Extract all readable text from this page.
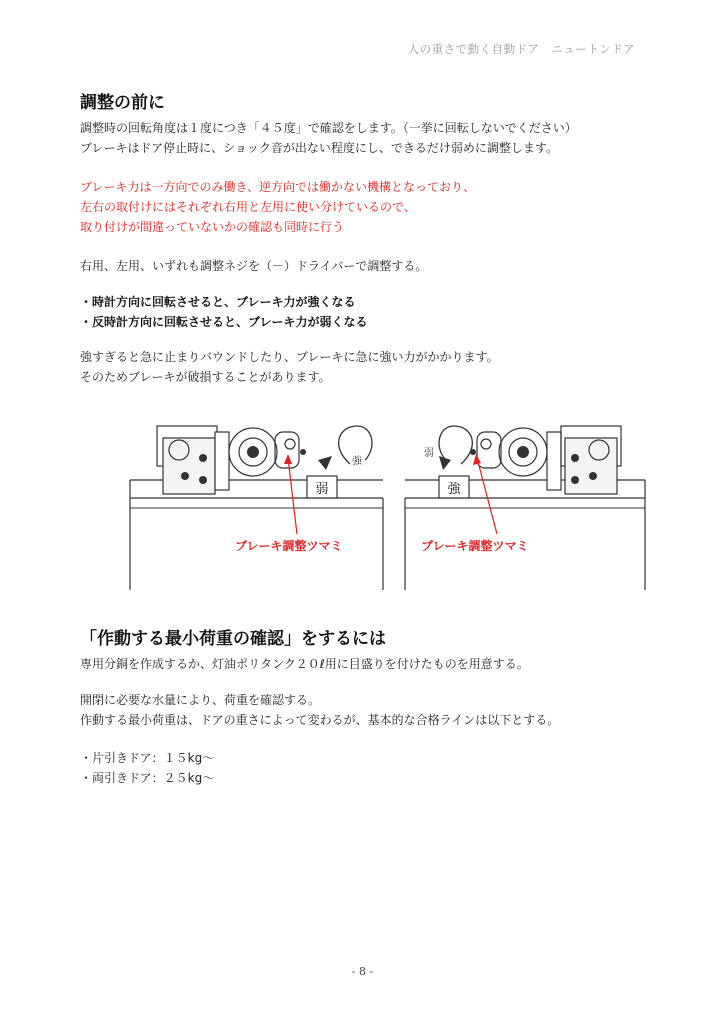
人の重さで動く自動ドア　ニュートンドア
調整の前に
調整時の回転角度は１度につき「４５度」で確認をします。（一挙に回転しないでください）
ブレーキはドア停止時に、ショック音が出ない程度にし、できるだけ弱めに調整します。
ブレーキ力は一方向でのみ働き、逆方向では働かない機構となっており、
左右の取付けにはそれぞれ右用と左用に使い分けているので、
取り付けが間違っていないかの確認も同時に行う
右用、左用、いずれも調整ネジを（－）ドライバーで調整する。
・時計方向に回転させると、ブレーキ力が強くなる
・反時計方向に回転させると、ブレーキ力が弱くなる
強すぎると急に止まりバウンドしたり、ブレーキに急に強い力がかかります。
そのためブレーキが破損することがあります。
強
弱
ブレーキ調整ツマミ
弱
強
ブレーキ調整ツマミ
「作動する最小荷重の確認」をするには
専用分銅を作成するか、灯油ポリタンク２０ℓ用に目盛りを付けたものを用意する。
開閉に必要な水量により、荷重を確認する。
作動する最小荷重は、ドアの重さによって変わるが、基本的な合格ラインは以下とする。
・片引きドア：１５kg～
・両引きドア：２５kg～
- 8 -
